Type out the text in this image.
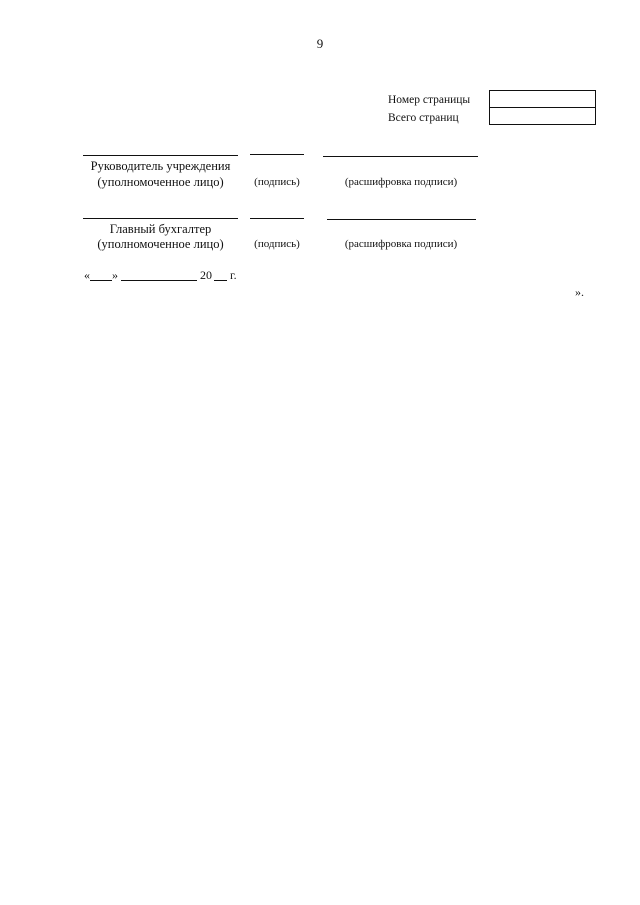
9
Номер страницы
Всего страниц
Руководитель учреждения
(уполномоченное лицо)	(подпись)	(расшифровка подписи)
Главный бухгалтер
(уполномоченное лицо)	(подпись)	(расшифровка подписи)
« »	20 г.
».
